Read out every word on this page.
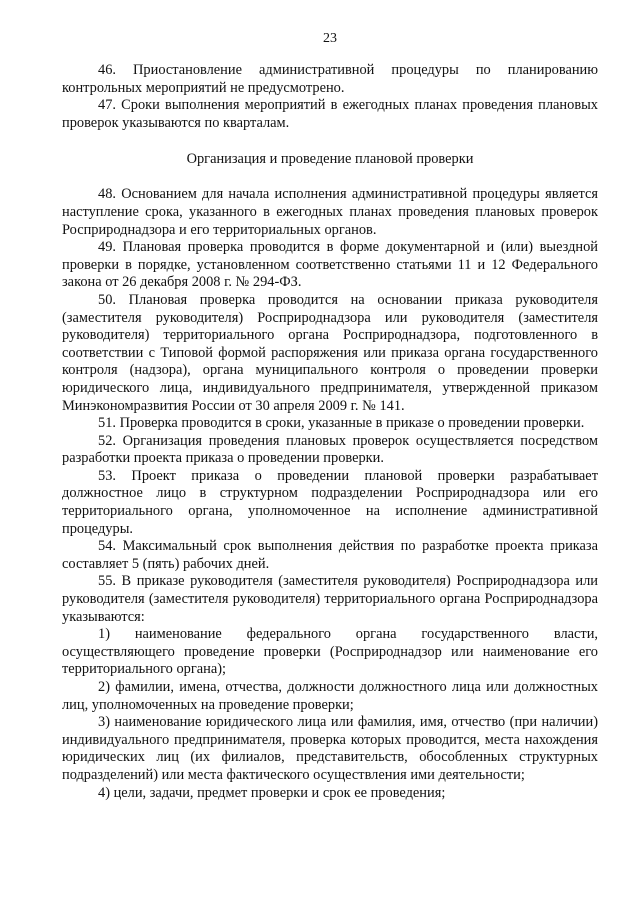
23

46. Приостановление административной процедуры по планированию контрольных мероприятий не предусмотрено.

47. Сроки выполнения мероприятий в ежегодных планах проведения плановых проверок указываются по кварталам.

Организация и проведение плановой проверки

48. Основанием для начала исполнения административной процедуры является наступление срока, указанного в ежегодных планах проведения плановых проверок Росприроднадзора и его территориальных органов.

49. Плановая проверка проводится в форме документарной и (или) выездной проверки в порядке, установленном соответственно статьями 11 и 12 Федерального закона от 26 декабря 2008 г. № 294-ФЗ.

50. Плановая проверка проводится на основании приказа руководителя (заместителя руководителя) Росприроднадзора или руководителя (заместителя руководителя) территориального органа Росприроднадзора, подготовленного в соответствии с Типовой формой распоряжения или приказа органа государственного контроля (надзора), органа муниципального контроля о проведении проверки юридического лица, индивидуального предпринимателя, утвержденной приказом Минэкономразвития России от 30 апреля 2009 г. № 141.

51. Проверка проводится в сроки, указанные в приказе о проведении проверки.

52. Организация проведения плановых проверок осуществляется посредством разработки проекта приказа о проведении проверки.

53. Проект приказа о проведении плановой проверки разрабатывает должностное лицо в структурном подразделении Росприроднадзора или его территориального органа, уполномоченное на исполнение административной процедуры.

54. Максимальный срок выполнения действия по разработке проекта приказа составляет 5 (пять) рабочих дней.

55. В приказе руководителя (заместителя руководителя) Росприроднадзора или руководителя (заместителя руководителя) территориального органа Росприроднадзора указываются:

1) наименование федерального органа государственного власти, осуществляющего проведение проверки (Росприроднадзор или наименование его территориального органа);

2) фамилии, имена, отчества, должности должностного лица или должностных лиц, уполномоченных на проведение проверки;

3) наименование юридического лица или фамилия, имя, отчество (при наличии) индивидуального предпринимателя, проверка которых проводится, места нахождения юридических лиц (их филиалов, представительств, обособленных структурных подразделений) или места фактического осуществления ими деятельности;

4) цели, задачи, предмет проверки и срок ее проведения;
